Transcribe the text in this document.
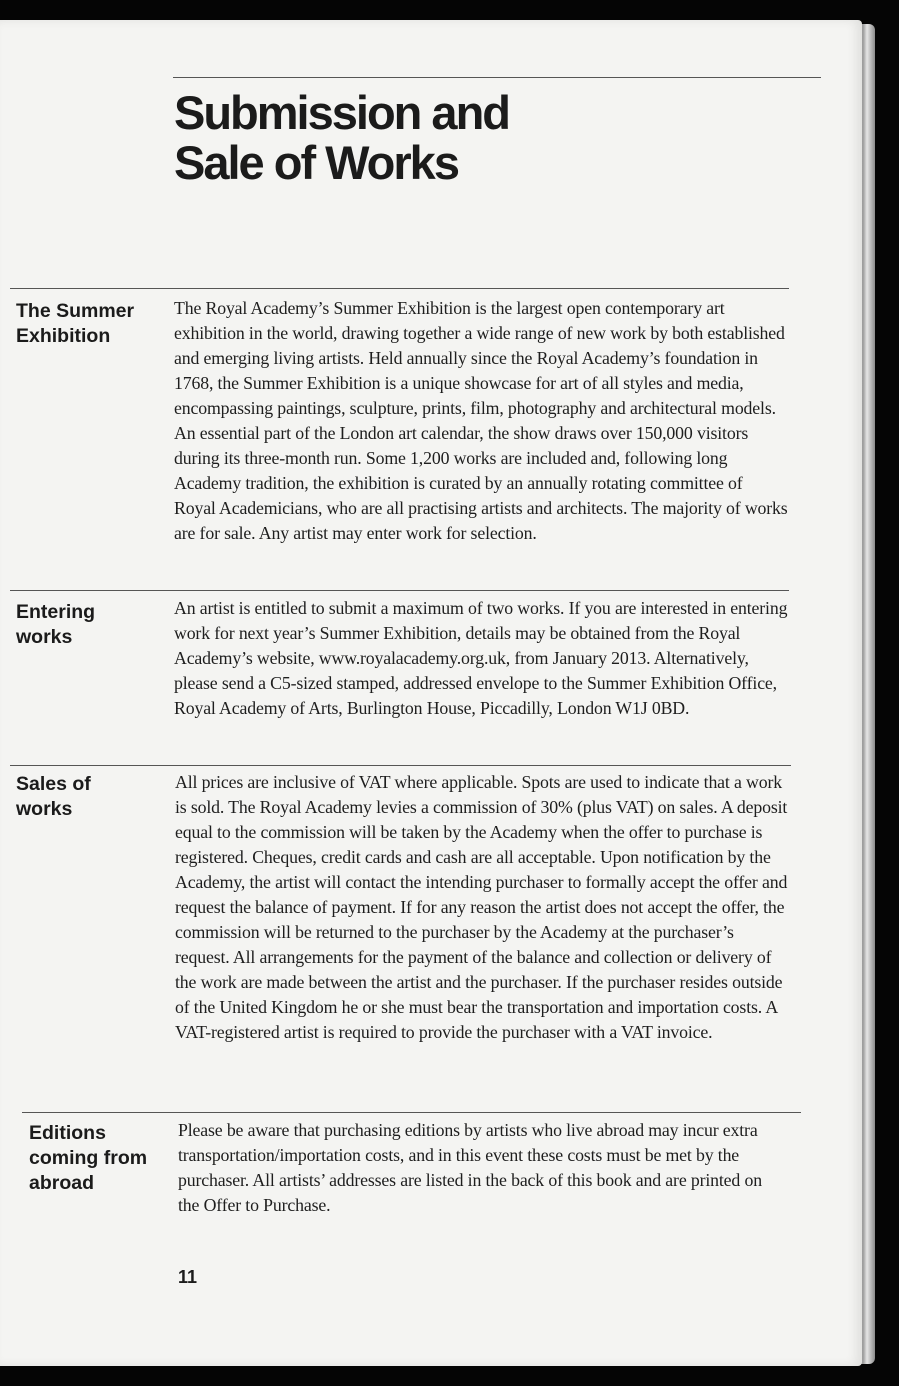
Submission and
Sale of Works
The Summer
Exhibition

The Royal Academy’s Summer Exhibition is the largest open contemporary art exhibition in the world, drawing together a wide range of new work by both established and emerging living artists. Held annually since the Royal Academy’s foundation in 1768, the Summer Exhibition is a unique showcase for art of all styles and media, encompassing paintings, sculpture, prints, film, photography and architectural models. An essential part of the London art calendar, the show draws over 150,000 visitors during its three-month run. Some 1,200 works are included and, following long Academy tradition, the exhibition is curated by an annually rotating committee of Royal Academicians, who are all practising artists and architects. The majority of works are for sale. Any artist may enter work for selection.

Entering
works

An artist is entitled to submit a maximum of two works. If you are interested in entering work for next year’s Summer Exhibition, details may be obtained from the Royal Academy’s website, www.royalacademy.org.uk, from January 2013. Alternatively, please send a C5-sized stamped, addressed envelope to the Summer Exhibition Office, Royal Academy of Arts, Burlington House, Piccadilly, London W1J 0BD.

Sales of
works

All prices are inclusive of VAT where applicable. Spots are used to indicate that a work is sold. The Royal Academy levies a commission of 30% (plus VAT) on sales. A deposit equal to the commission will be taken by the Academy when the offer to purchase is registered. Cheques, credit cards and cash are all acceptable. Upon notification by the Academy, the artist will contact the intending purchaser to formally accept the offer and request the balance of payment. If for any reason the artist does not accept the offer, the commission will be returned to the purchaser by the Academy at the purchaser’s request. All arrangements for the payment of the balance and collection or delivery of the work are made between the artist and the purchaser. If the purchaser resides outside of the United Kingdom he or she must bear the transportation and importation costs. A VAT-registered artist is required to provide the purchaser with a VAT invoice.

Editions
coming from
abroad

Please be aware that purchasing editions by artists who live abroad may incur extra transportation/importation costs, and in this event these costs must be met by the purchaser. All artists’ addresses are listed in the back of this book and are printed on the Offer to Purchase.

11
